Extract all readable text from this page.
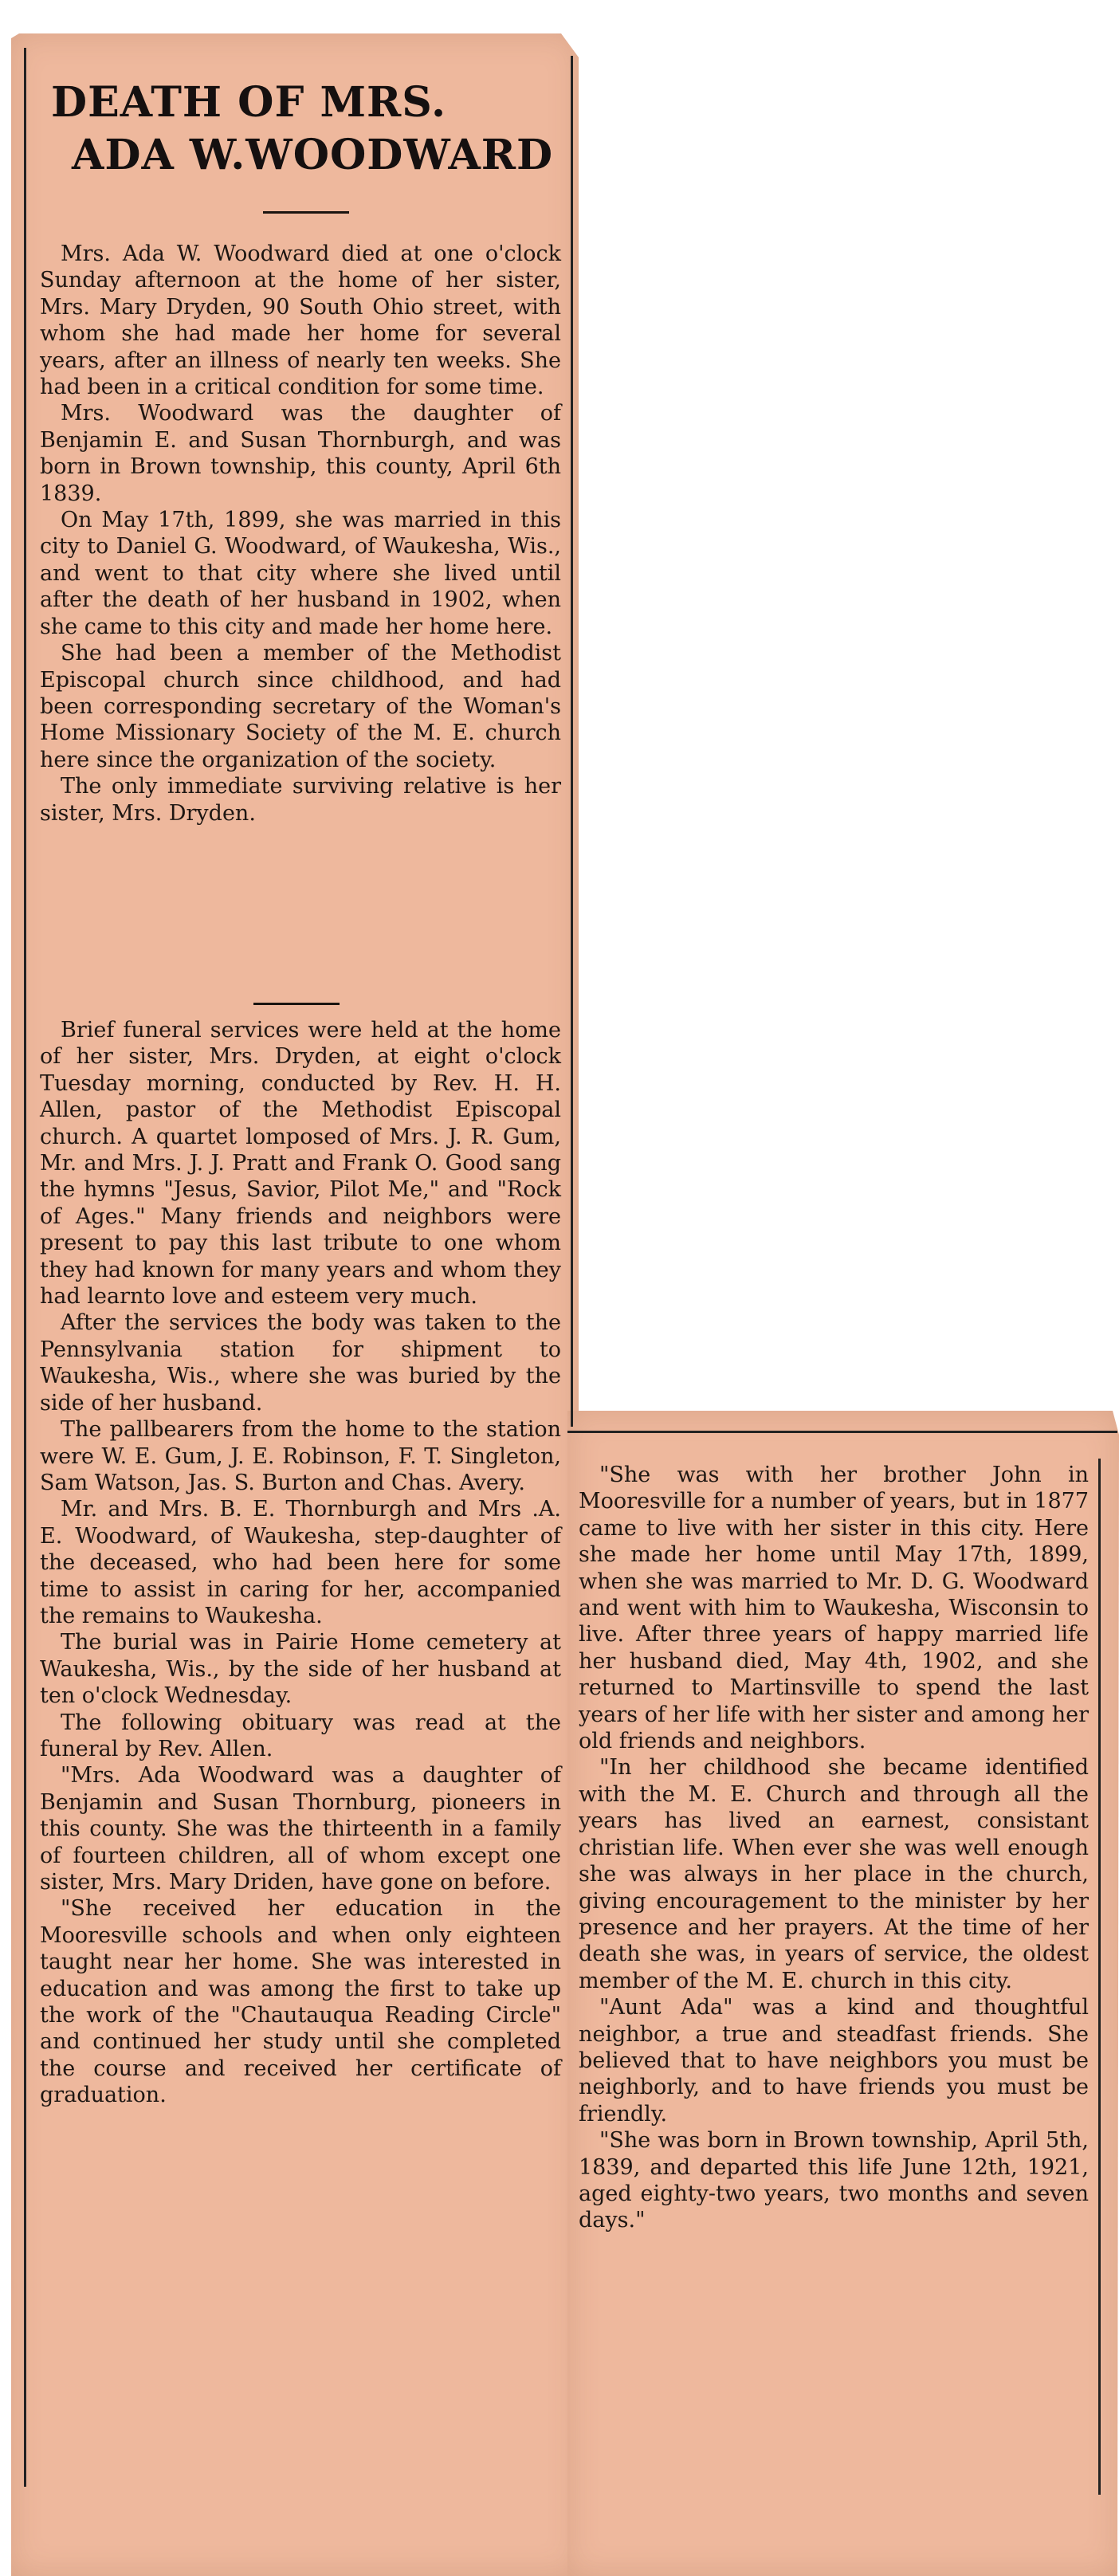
DEATH OF MRS.
ADA W.WOODWARD

Mrs. Ada W. Woodward died at one o'clock Sunday afternoon at the home of her sister, Mrs. Mary Dryden, 90 South Ohio street, with whom she had made her home for several years, after an illness of nearly ten weeks. She had been in a critical condition for some time.

Mrs. Woodward was the daughter of Benjamin E. and Susan Thornburgh, and was born in Brown township, this county, April 6th 1839.

On May 17th, 1899, she was married in this city to Daniel G. Woodward, of Waukesha, Wis., and went to that city where she lived until after the death of her husband in 1902, when she came to this city and made her home here.

She had been a member of the Methodist Episcopal church since childhood, and had been corresponding secretary of the Woman's Home Missionary Society of the M. E. church here since the organization of the society.

The only immediate surviving relative is her sister, Mrs. Dryden.

Brief funeral services were held at the home of her sister, Mrs. Dryden, at eight o'clock Tuesday morning, conducted by Rev. H. H. Allen, pastor of the Methodist Episcopal church. A quartet lomposed of Mrs. J. R. Gum, Mr. and Mrs. J. J. Pratt and Frank O. Good sang the hymns "Jesus, Savior, Pilot Me," and "Rock of Ages." Many friends and neighbors were present to pay this last tribute to one whom they had known for many years and whom they had learnto love and esteem very much.

After the services the body was taken to the Pennsylvania station for shipment to Waukesha, Wis., where she was buried by the side of her husband.

The pallbearers from the home to the station were W. E. Gum, J. E. Robinson, F. T. Singleton, Sam Watson, Jas. S. Burton and Chas. Avery.

Mr. and Mrs. B. E. Thornburgh and Mrs .A. E. Woodward, of Waukesha, step-daughter of the deceased, who had been here for some time to assist in caring for her, accompanied the remains to Waukesha.

The burial was in Pairie Home cemetery at Waukesha, Wis., by the side of her husband at ten o'clock Wednesday.

The following obituary was read at the funeral by Rev. Allen.

"Mrs. Ada Woodward was a daughter of Benjamin and Susan Thornburg, pioneers in this county. She was the thirteenth in a family of fourteen children, all of whom except one sister, Mrs. Mary Driden, have gone on before.

"She received her education in the Mooresville schools and when only eighteen taught near her home. She was interested in education and was among the first to take up the work of the "Chautauqua Reading Circle" and continued her study until she completed the course and received her certificate of graduation.

"She was with her brother John in Mooresville for a number of years, but in 1877 came to live with her sister in this city. Here she made her home until May 17th, 1899, when she was married to Mr. D. G. Woodward and went with him to Waukesha, Wisconsin to live. After three years of happy married life her husband died, May 4th, 1902, and she returned to Martinsville to spend the last years of her life with her sister and among her old friends and neighbors.

"In her childhood she became identified with the M. E. Church and through all the years has lived an earnest, consistant christian life. When ever she was well enough she was always in her place in the church, giving encouragement to the minister by her presence and her prayers. At the time of her death she was, in years of service, the oldest member of the M. E. church in this city.

"Aunt Ada" was a kind and thoughtful neighbor, a true and steadfast friends. She believed that to have neighbors you must be neighborly, and to have friends you must be friendly.

"She was born in Brown township, April 5th, 1839, and departed this life June 12th, 1921, aged eighty-two years, two months and seven days."
